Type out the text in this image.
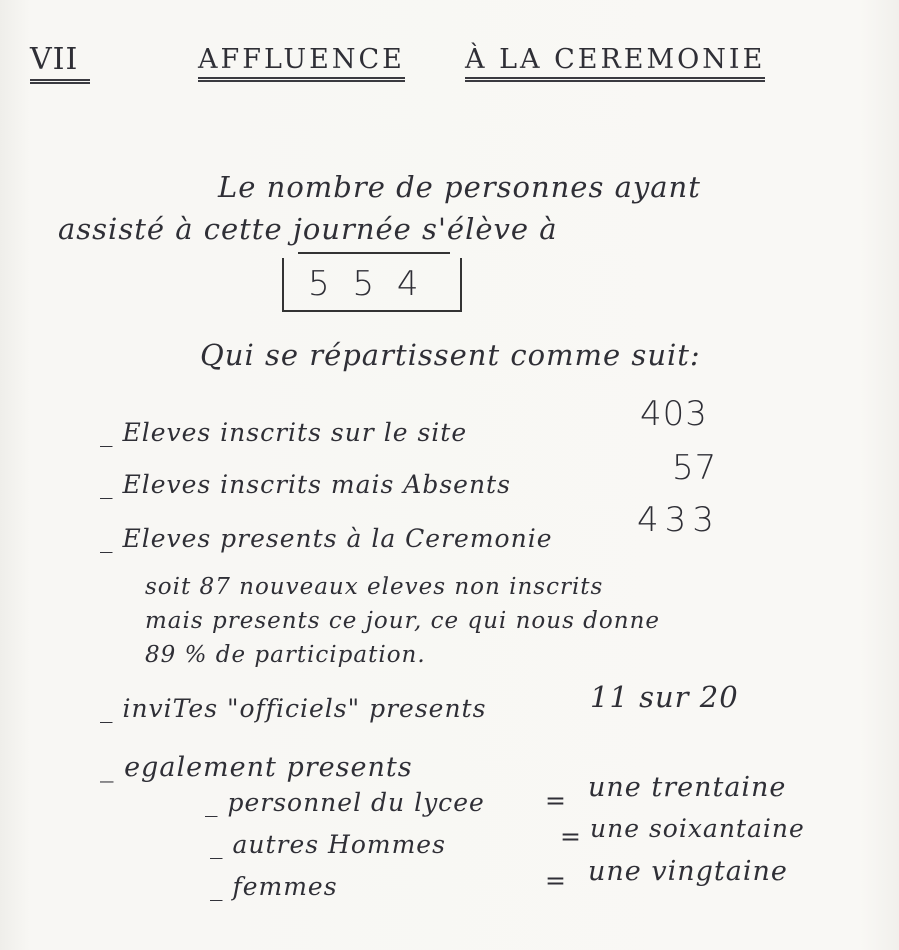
VII	AFFLUENCE À LA CEREMONIE
Le nombre de personnes ayant
assisté à cette journée s'élève à
5 5 4
Qui se répartissent comme suit:
_ Eleves inscrits sur le site	403
_ Eleves inscrits mais Absents	57
_ Eleves presents à la Ceremonie 433
soit 87 nouveaux eleves non inscrits
mais presents ce jour, ce qui nous donne
89 % de participation.
_ inviTes "officiels" presents	11 sur 20
_ egalement presents
_ personnel du lycee = une trentaine
_ autres Hommes	= une soixantaine
_ femmes	= une vingtaine
